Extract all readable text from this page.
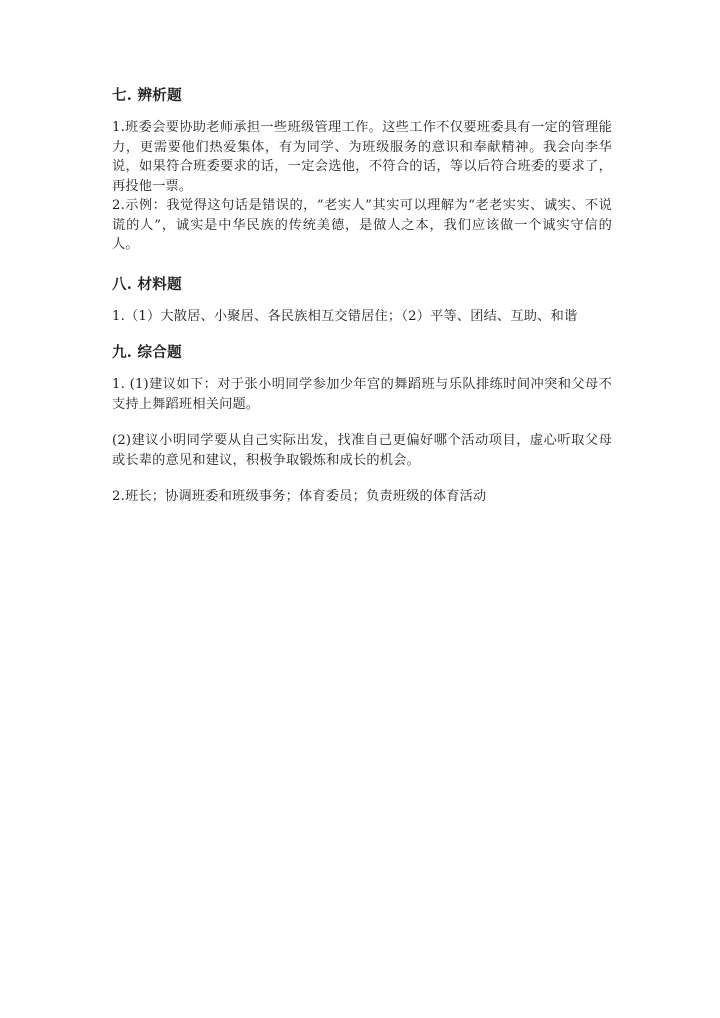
七. 辨析题

1.班委会要协助老师承担一些班级管理工作。这些工作不仅要班委具有一定的管理能力，更需要他们热爱集体，有为同学、为班级服务的意识和奉献精神。我会向李华说，如果符合班委要求的话，一定会选他，不符合的话，等以后符合班委的要求了，再投他一票。

2.示例：我觉得这句话是错误的，“老实人”其实可以理解为“老老实实、诚实、不说谎的人”，诚实是中华民族的传统美德，是做人之本，我们应该做一个诚实守信的人。

八. 材料题

1.（1）大散居、小聚居、各民族相互交错居住；（2）平等、团结、互助、和谐

九. 综合题

1. (1)建议如下：对于张小明同学参加少年宫的舞蹈班与乐队排练时间冲突和父母不支持上舞蹈班相关问题。

(2)建议小明同学要从自己实际出发，找准自己更偏好哪个活动项目，虚心听取父母或长辈的意见和建议，积极争取锻炼和成长的机会。

2.班长；协调班委和班级事务；体育委员；负责班级的体育活动
